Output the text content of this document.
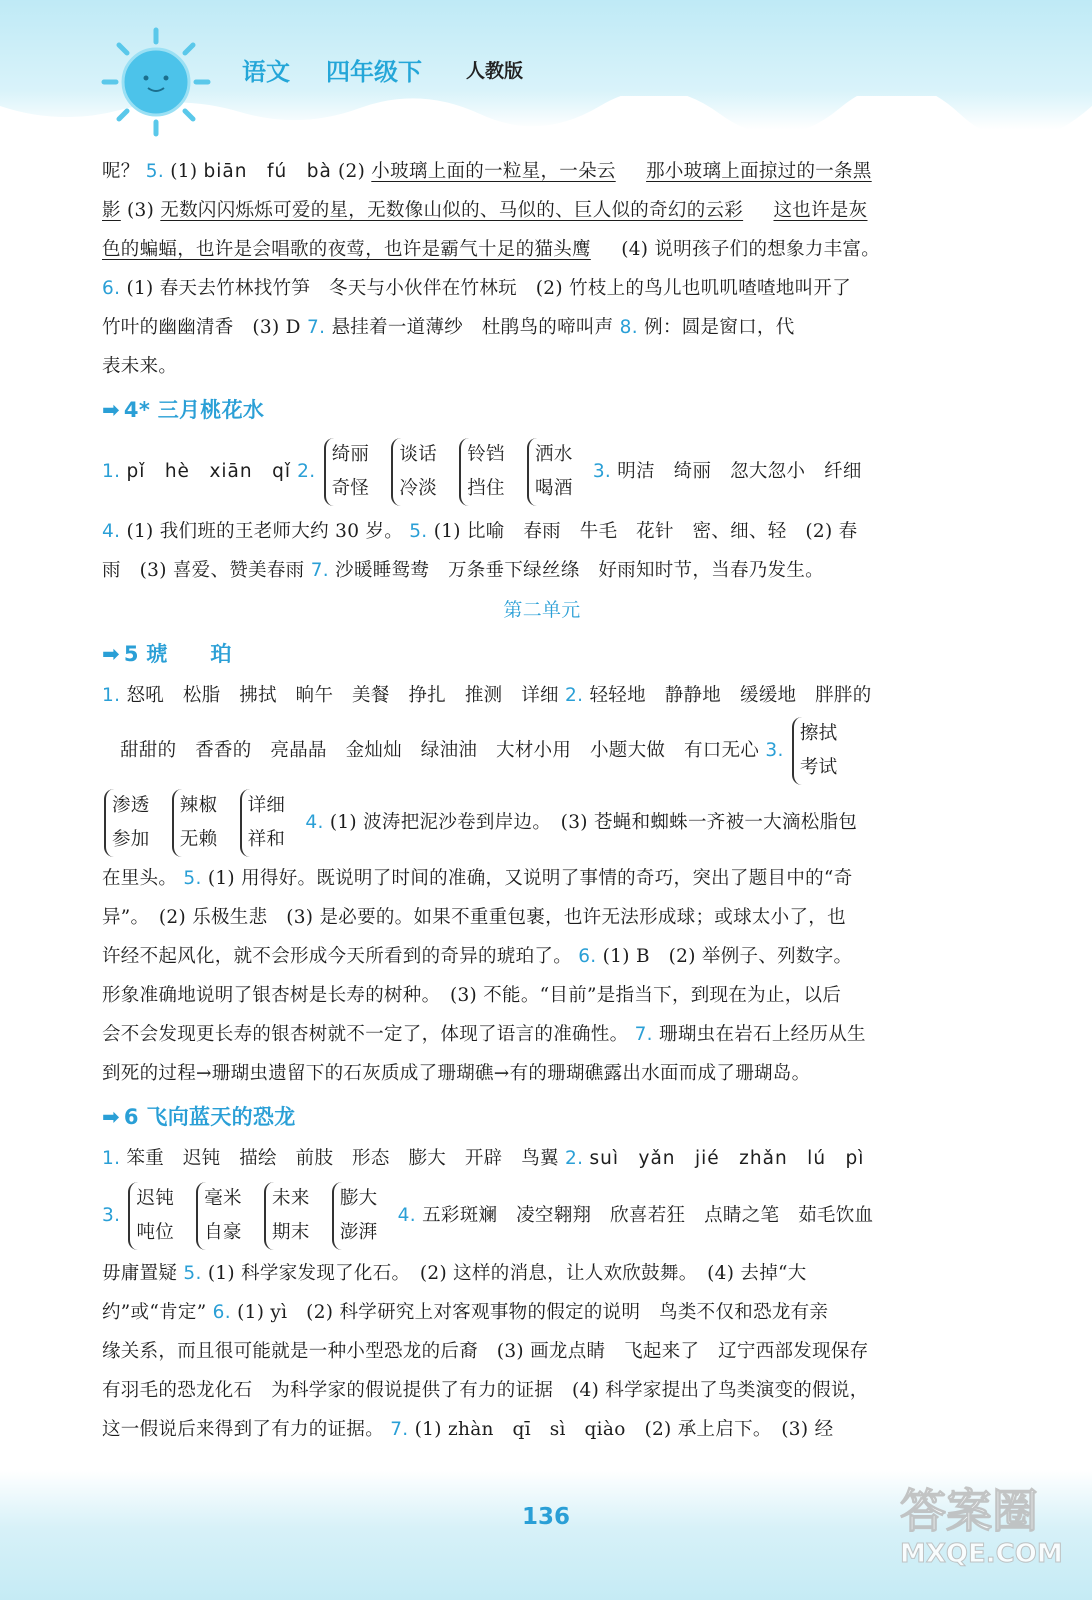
语文 四年级下 人教版

呢？ 5. (1) biān　fú　bà (2) 小玻璃上面的一粒星，一朵云 那小玻璃上面掠过的一条黑

影 (3) 无数闪闪烁烁可爱的星，无数像山似的、马似的、巨人似的奇幻的云彩 这也许是灰

色的蝙蝠，也许是会唱歌的夜莺，也许是霸气十足的猫头鹰 (4) 说明孩子们的想象力丰富。

6. (1) 春天去竹林找竹笋　冬天与小伙伴在竹林玩　(2) 竹枝上的鸟儿也叽叽喳喳地叫开了

竹叶的幽幽清香　(3) D 7. 悬挂着一道薄纱　杜鹃鸟的啼叫声 8. 例：圆是窗口，代

表未来。

➡ 4* 三月桃花水

1. pǐ　hè　xiān　qǐ 2.
绮丽
奇怪

谈话
冷淡

铃铛
挡住

洒水
喝酒
3. 明洁　绮丽　忽大忽小　纤细

4. (1) 我们班的王老师大约 30 岁。 5. (1) 比喻　春雨　牛毛　花针　密、细、轻　(2) 春

雨　(3) 喜爱、赞美春雨 7. 沙暖睡鸳鸯　万条垂下绿丝绦　好雨知时节，当春乃发生。

第二单元

➡ 5 琥　　珀

1. 怒吼　松脂　拂拭　晌午　美餐　挣扎　推测　详细 2. 轻轻地　静静地　缓缓地　胖胖的

甜甜的　香香的　亮晶晶　金灿灿　绿油油　大材小用　小题大做　有口无心 3.
擦拭
考试

渗透
参加

辣椒
无赖

详细
祥和
4. (1) 波涛把泥沙卷到岸边。　(3) 苍蝇和蜘蛛一齐被一大滴松脂包

在里头。 5. (1) 用得好。既说明了时间的准确，又说明了事情的奇巧，突出了题目中的“奇

异”。　(2) 乐极生悲　(3) 是必要的。如果不重重包裹，也许无法形成球；或球太小了，也

许经不起风化，就不会形成今天所看到的奇异的琥珀了。 6. (1) B　(2) 举例子、列数字。

形象准确地说明了银杏树是长寿的树种。　(3) 不能。“目前”是指当下，到现在为止，以后

会不会发现更长寿的银杏树就不一定了，体现了语言的准确性。 7. 珊瑚虫在岩石上经历从生

到死的过程→珊瑚虫遗留下的石灰质成了珊瑚礁→有的珊瑚礁露出水面而成了珊瑚岛。

➡ 6 飞向蓝天的恐龙

1. 笨重　迟钝　描绘　前肢　形态　膨大　开辟　鸟翼 2. suì　yǎn　jié　zhǎn　lú　pì

3.
迟钝
吨位

毫米
自豪

未来
期末

膨大
澎湃
4. 五彩斑斓　凌空翱翔　欣喜若狂　点睛之笔　茹毛饮血

毋庸置疑 5. (1) 科学家发现了化石。　(2) 这样的消息，让人欢欣鼓舞。　(4) 去掉“大

约”或“肯定” 6. (1) yì　(2) 科学研究上对客观事物的假定的说明　鸟类不仅和恐龙有亲

缘关系，而且很可能就是一种小型恐龙的后裔　(3) 画龙点睛　飞起来了　辽宁西部发现保存

有羽毛的恐龙化石　为科学家的假说提供了有力的证据　(4) 科学家提出了鸟类演变的假说，

这一假说后来得到了有力的证据。 7. (1) zhàn　qī　sì　qiào　(2) 承上启下。　(3) 经

136	答案圈
MXQE.COM
